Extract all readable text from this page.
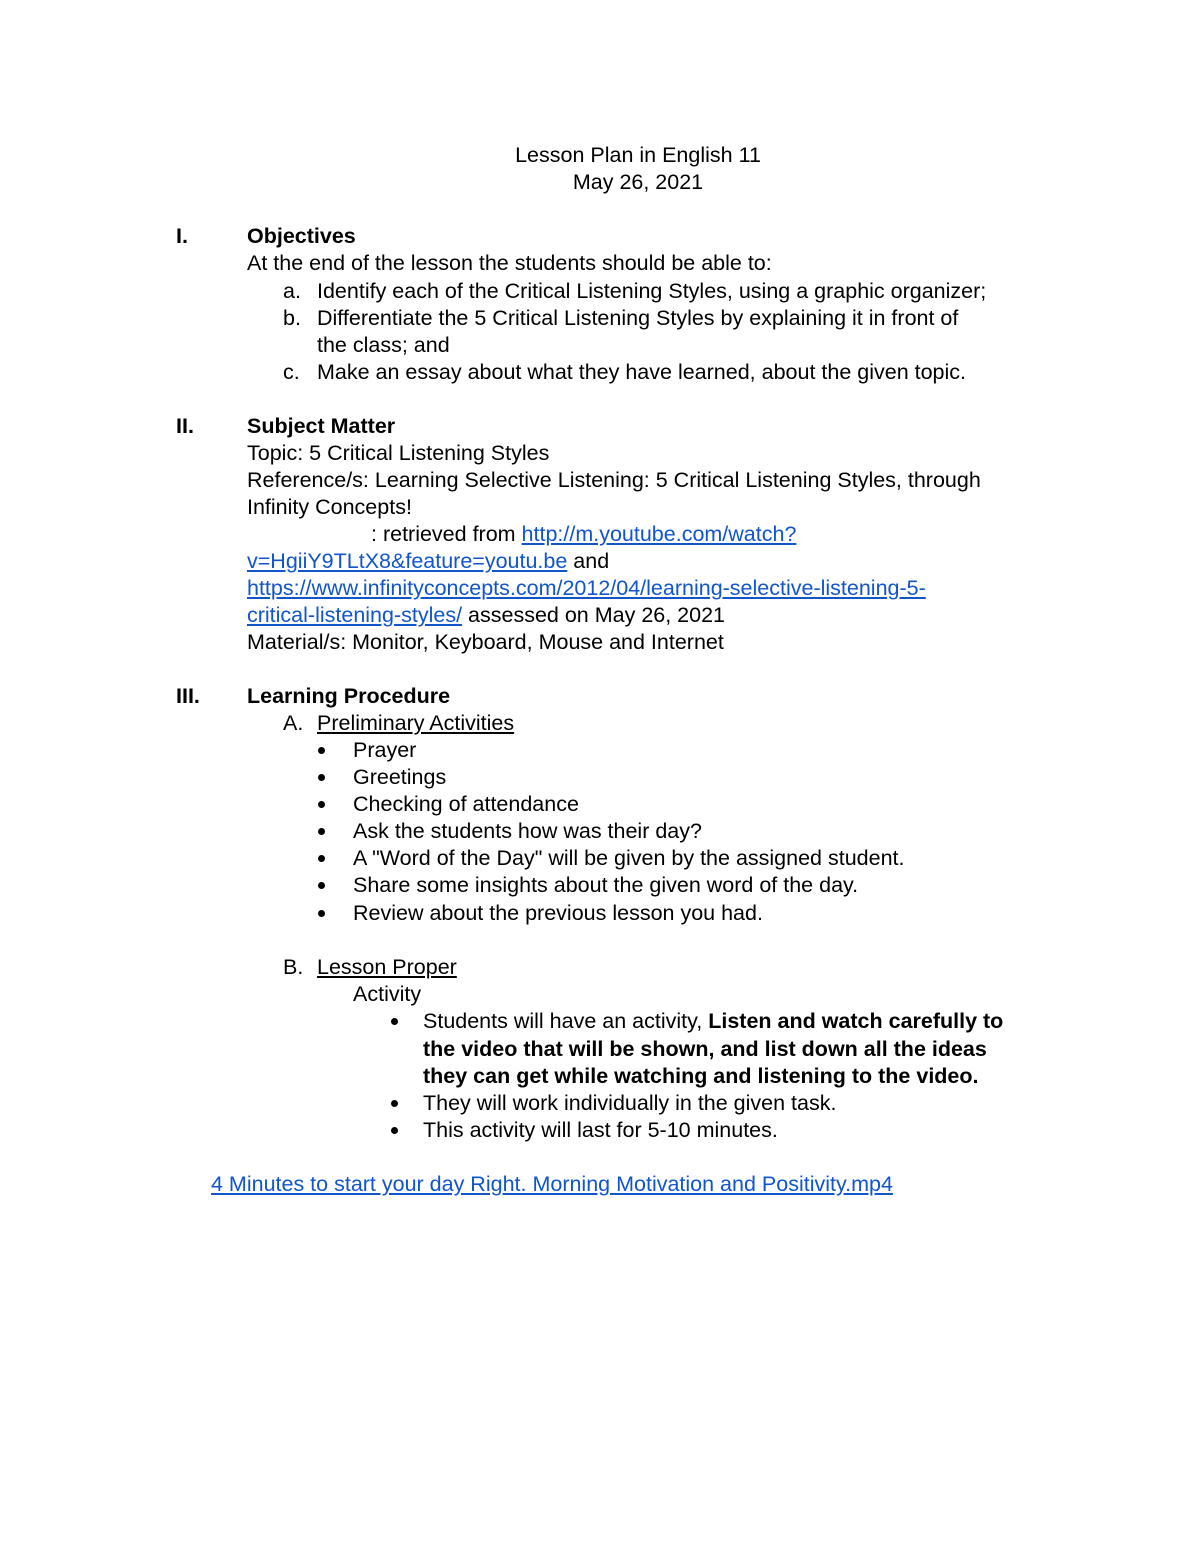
Lesson Plan in English 11
May 26, 2021
I.	Objectives
At the end of the lesson the students should be able to:
a. Identify each of the Critical Listening Styles, using a graphic organizer;
b. Differentiate the 5 Critical Listening Styles by explaining it in front of
the class; and
c. Make an essay about what they have learned, about the given topic.
II. Subject Matter
Topic: 5 Critical Listening Styles
Reference/s: Learning Selective Listening: 5 Critical Listening Styles, through
Infinity Concepts!
: retrieved from http://m.youtube.com/watch?
v=HgiiY9TLtX8&feature=youtu.be and
https://www.infinityconcepts.com/2012/04/learning-selective-listening-5-
critical-listening-styles/ assessed on May 26, 2021
Material/s: Monitor, Keyboard, Mouse and Internet
III. Learning Procedure
A. Preliminary Activities
Prayer
Greetings
Checking of attendance
Ask the students how was their day?
A "Word of the Day" will be given by the assigned student.
Share some insights about the given word of the day.
Review about the previous lesson you had.
B. Lesson Proper
Activity
Students will have an activity, Listen and watch carefully to
the video that will be shown, and list down all the ideas
they can get while watching and listening to the video.
They will work individually in the given task.
This activity will last for 5-10 minutes.
4 Minutes to start your day Right. Morning Motivation and Positivity.mp4
